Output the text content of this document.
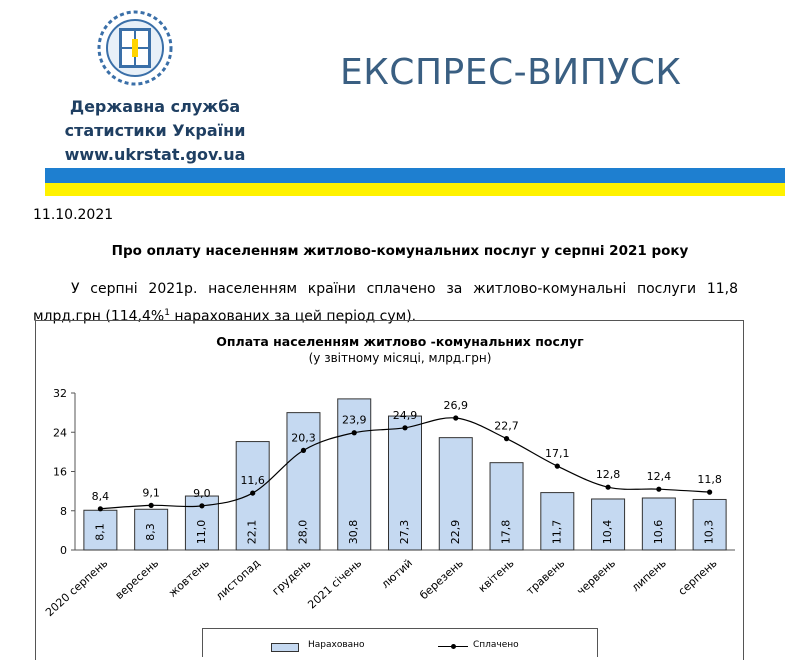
Державна служба
статистики України
www.ukrstat.gov.ua
ЕКСПРЕС-ВИПУСК
11.10.2021
Про оплату населенням житлово-комунальних послуг у серпні 2021 року
У серпні 2021р. населенням країни сплачено за житлово-комунальні послуги 11,8 млрд.грн (114,4%$^1$ нарахованих за цей період сум).
Оплата населенням житлово -комунальних послуг
(у звітному місяці, млрд.грн)
0
8
16
24
32
8,1	8,3	11,0	22,1	28,0	30,8	27,3	22,9	17,8	11,7	10,4	10,6	10,3
8,4	9,1	9,0
11,6
20,3
23,9 24,9
26,9
22,7
17,1
12,8 12,4 11,8
2020 серпень вересень жовтень листопад грудень
2021 січень лютий березень квітень травень червень липень серпень
Нараховано	Сплачено
